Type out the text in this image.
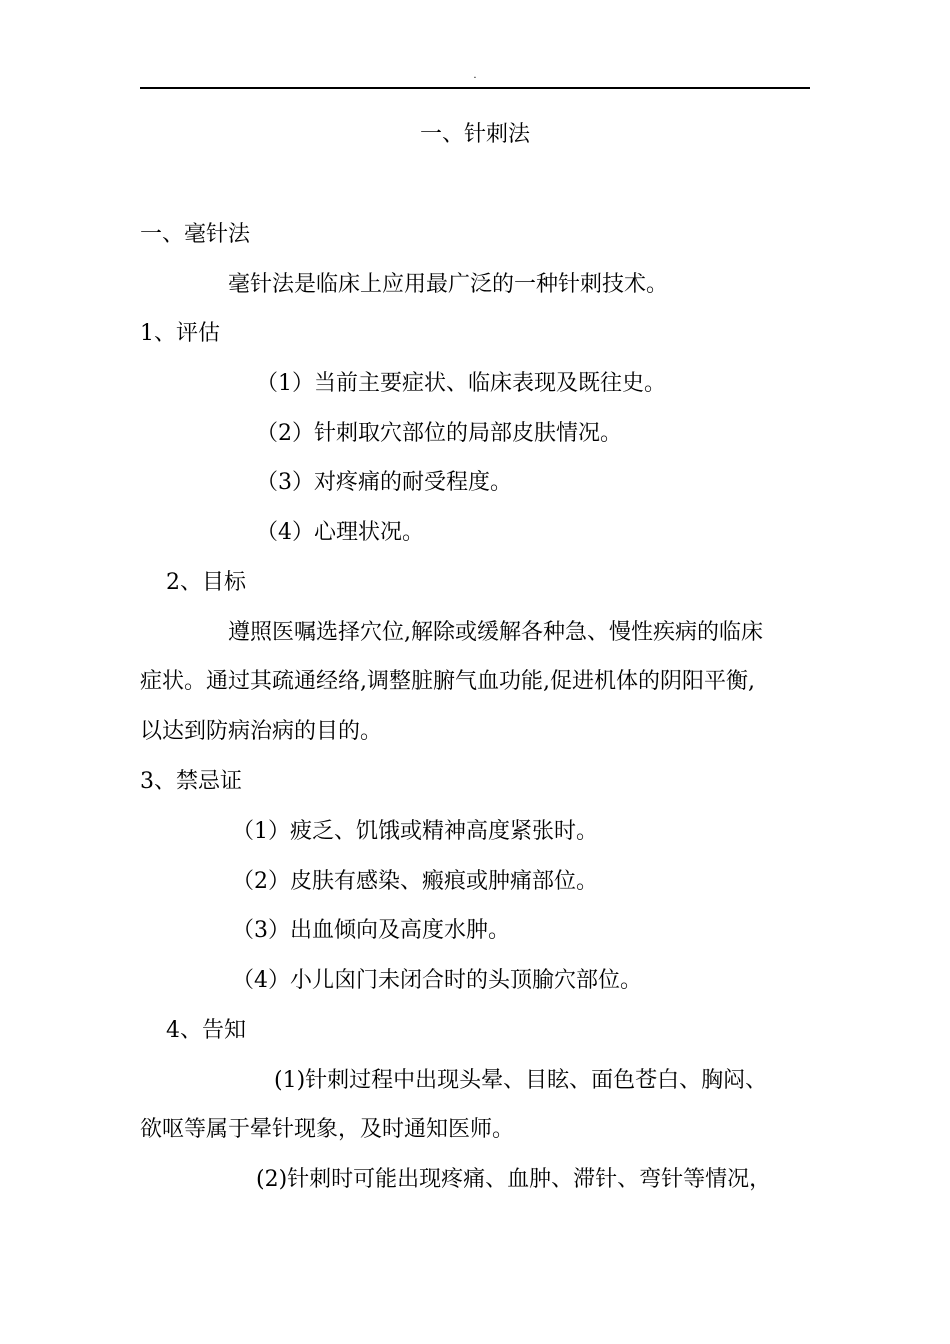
.
一、针刺法
一、毫针法
毫针法是临床上应用最广泛的一种针刺技术。
1、评估
（1）当前主要症状、临床表现及既往史。
（2）针刺取穴部位的局部皮肤情况。
（3）对疼痛的耐受程度。
（4）心理状况。
2、目标
遵照医嘱选择穴位,解除或缓解各种急、慢性疾病的临床
症状。通过其疏通经络,调整脏腑气血功能,促进机体的阴阳平衡,
以达到防病治病的目的。
3、禁忌证
（1）疲乏、饥饿或精神高度紧张时。
（2）皮肤有感染、瘢痕或肿痛部位。
（3）出血倾向及高度水肿。
（4）小儿囟门未闭合时的头顶腧穴部位。
4、告知
(1)针刺过程中出现头晕、目眩、面色苍白、胸闷、
欲呕等属于晕针现象，及时通知医师。
(2)针刺时可能出现疼痛、血肿、滞针、弯针等情况，
